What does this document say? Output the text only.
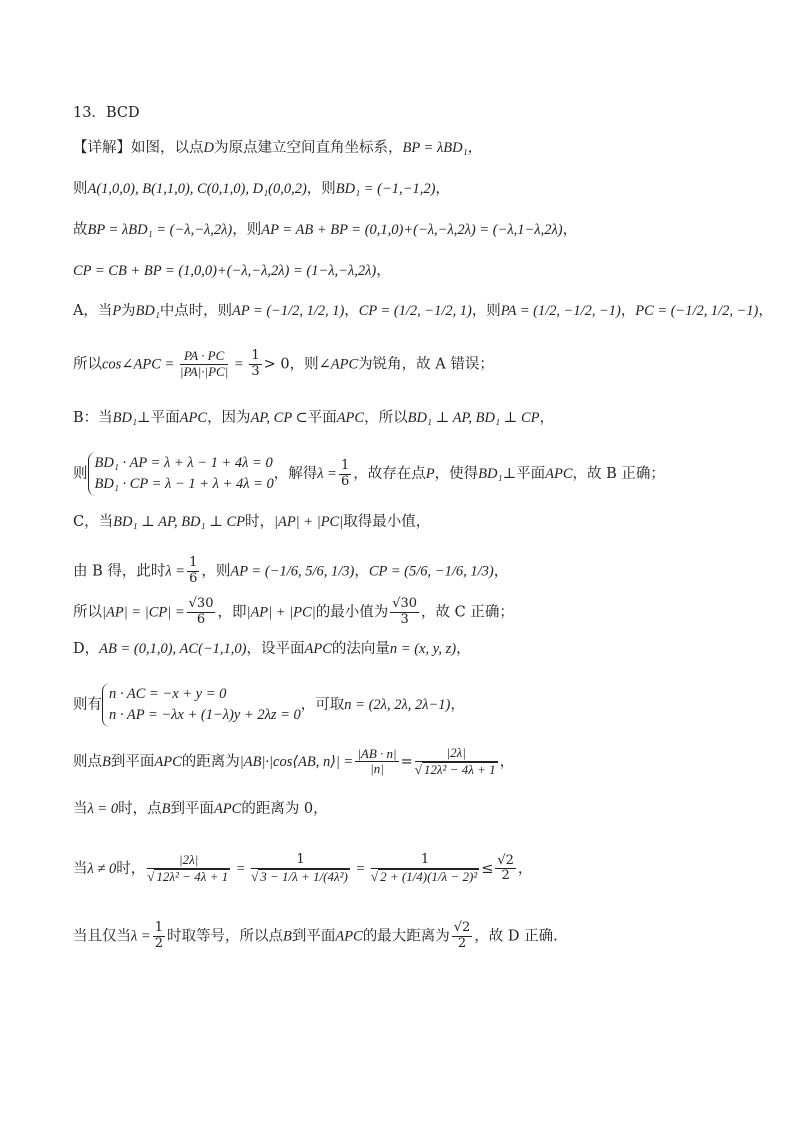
13．BCD
【详解】如图，以点D为原点建立空间直角坐标系，BP = λBD₁，
则A(1,0,0), B(1,1,0), C(0,1,0), D₁(0,0,2)，则BD₁ = (−1,−1,2)，
故BP = λBD₁ = (−λ,−λ,2λ)，则AP = AB + BP = (0,1,0)+(−λ,−λ,2λ) = (−λ,1−λ,2λ)，
CP = CB + BP = (1,0,0)+(−λ,−λ,2λ) = (1−λ,−λ,2λ)，
A，当P为BD₁中点时，则AP = (−1/2, 1/2, 1)，CP = (1/2, −1/2, 1)，则PA = (1/2, −1/2, −1)，PC = (−1/2, 1/2, −1)，
所以cos∠APC = $\frac{PA \cdot PC}{|PA|\cdot|PC|} = \frac{1}{3} > 0$，则∠APC为锐角，故 A 错误；
B：当BD₁⊥平面APC，因为AP, CP ⊂平面APC，所以BD₁ ⊥ AP, BD₁ ⊥ CP，
则
BD₁ · AP = λ + λ − 1 + 4λ = 0
BD₁ · CP = λ − 1 + λ + 4λ = 0
，解得$\lambda = \frac{1}{6}$ ，故存在点P，使得BD₁⊥平面APC，故 B 正确；
C，当BD₁ ⊥ AP, BD₁ ⊥ CP时，|AP| + |PC|取得最小值，
由 B 得，此时$\lambda = \frac{1}{6}$ ，则AP = (−1/6, 5/6, 1/3)，CP = (5/6, −1/6, 1/3)，
所以$|AP| = |CP| = \frac{√30}{6}$ ，即|AP| + |PC|的最小值为 $\frac{√30}{3}$ ，故 C 正确；
D，AB = (0,1,0), AC(−1,1,0)，设平面APC的法向量n = (x, y, z)，
则有
n · AC = −x + y = 0
n · AP = −λx + (1−λ)y + 2λz = 0
，可取n = (2λ, 2λ, 2λ−1)，
则点B到平面APC的距离为|AB|·|cos⟨AB, n⟩| = $\frac{|AB \cdot n|}{|n|} = \frac{|2\lambda|}{\text{√ 12λ² − 4λ + 1}}$ ，
当λ = 0时，点B到平面APC的距离为 0，
当λ ≠ 0时， $\frac{|2\lambda|}{\text{√ 12λ² − 4λ + 1}} = \frac{1}{\text{√ 3 − 1/λ + 1/(4λ²)}} = \frac{1}{\text{√ 2 + (1/4)(1/λ − 2)²}} \le \frac{√2}{2}$ ，
当且仅当$\lambda = \frac{1}{2}$ 时取等号，所以点B到平面APC的最大距离为 $\frac{√2}{2}$ ，故 D 正确.
